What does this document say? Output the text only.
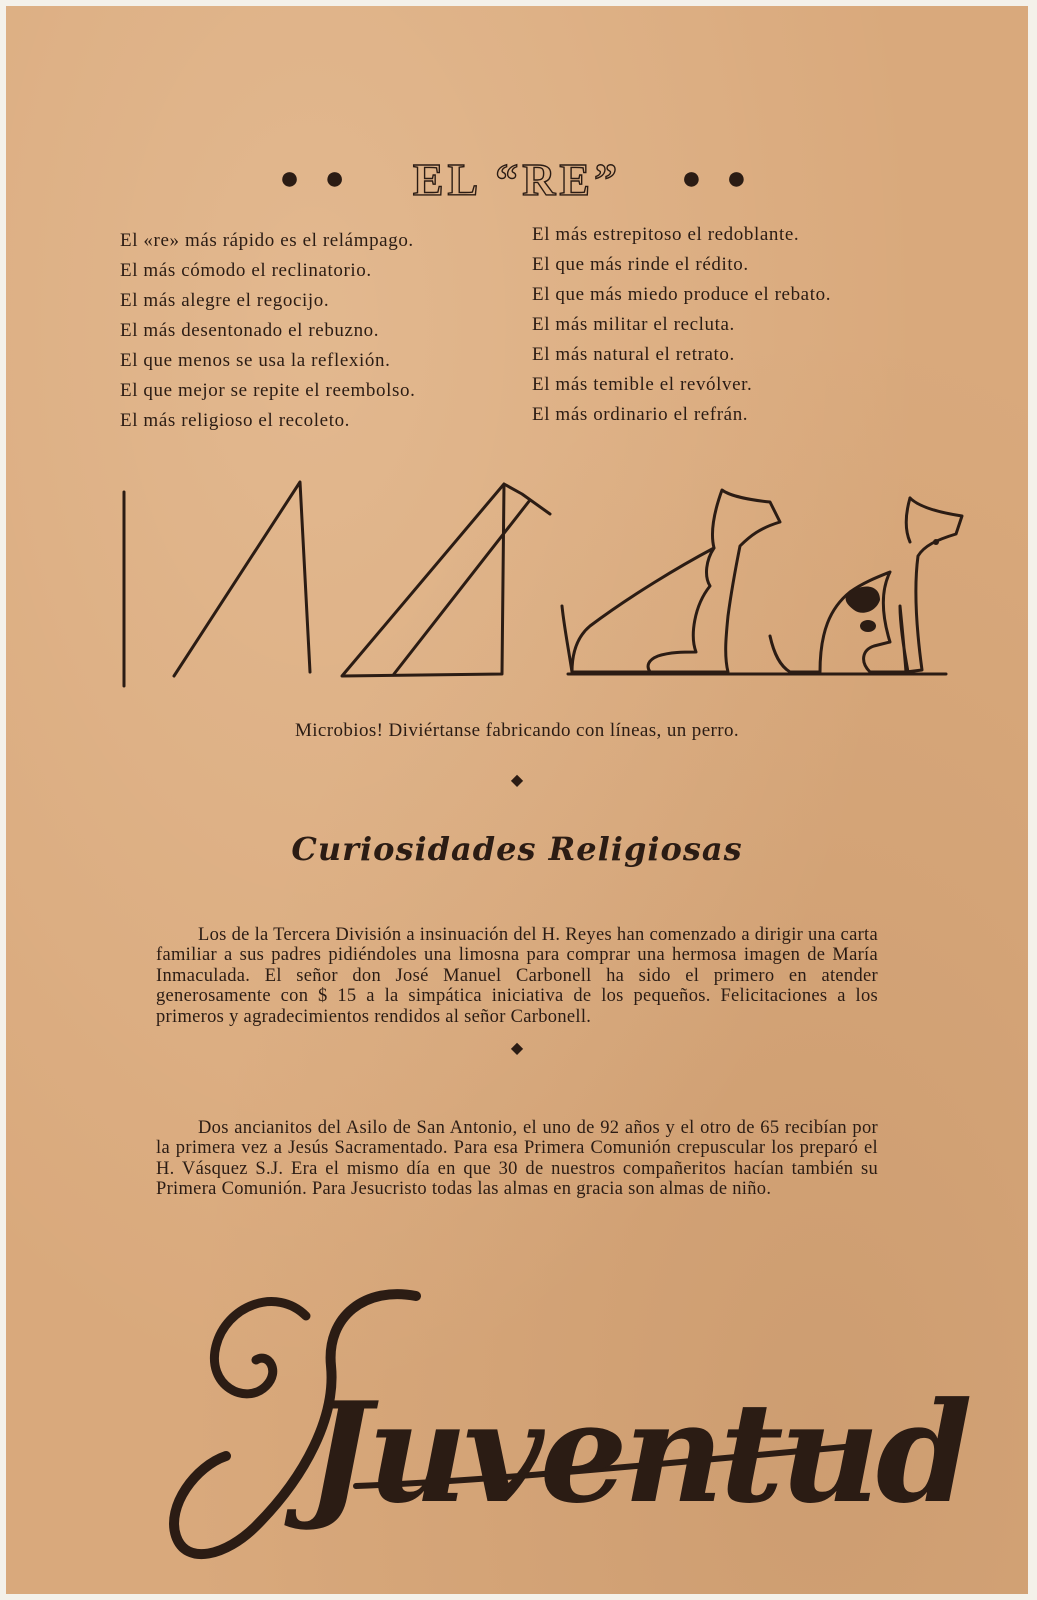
● ● EL “RE” ● ●
El «re» más rápido es el relámpago.
El más cómodo el reclinatorio.
El más alegre el regocijo.
El más desentonado el rebuzno.
El que menos se usa la reflexión.
El que mejor se repite el reembolso.
El más religioso el recoleto.
El más estrepitoso el redoblante.
El que más rinde el rédito.
El que más miedo produce el rebato.
El más militar el recluta.
El más natural el retrato.
El más temible el revólver.
El más ordinario el refrán.
Microbios! Diviértanse fabricando con líneas, un perro.
◆
Curiosidades Religiosas

Los de la Tercera División a insinuación del H. Reyes han comenzado a dirigir una carta familiar a sus padres pidiéndoles una limosna para comprar una hermosa imagen de María Inmaculada. El señor don José Manuel Carbonell ha sido el primero en atender generosamente con $ 15 a la simpática iniciativa de los pequeños. Felicitaciones a los primeros y agradecimientos rendidos al señor Carbonell.

◆

Dos ancianitos del Asilo de San Antonio, el uno de 92 años y el otro de 65 recibían por la primera vez a Jesús Sacramentado. Para esa Primera Comunión crepuscular los preparó el H. Vásquez S.J. Era el mismo día en que 30 de nuestros compañeritos hacían también su Primera Comunión. Para Jesucristo todas las almas en gracia son almas de niño.

Juventud
